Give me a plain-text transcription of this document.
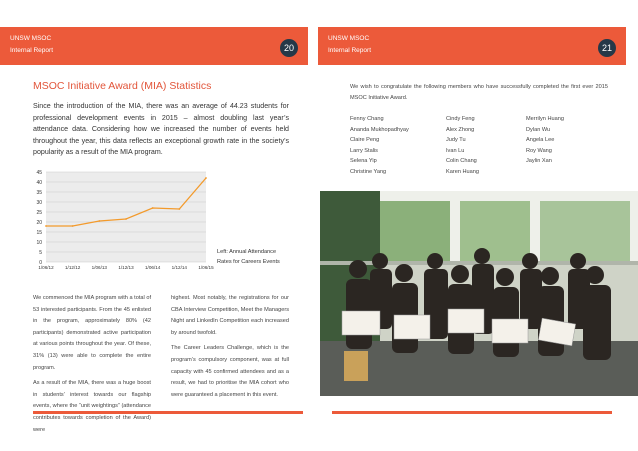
UNSW MSOC
Internal Report	20
MSOC Initiative Award (MIA) Statistics
Since the introduction of the MIA, there was an average of 44.23 students for professional development events in 2015 – almost doubling last year’s attendance data. Considering how we increased the number of events held throughout the year, this data reflects an exceptional growth rate in the society’s popularity as a result of the MIA program.
0
5
10
15
20
25
30
35
40
45
1/06/12 1/12/12 1/06/13 1/12/13 1/06/14 1/12/14 1/06/15
Left: Annual Attendance Rates for Careers Events

We commenced the MIA program with a total of 53 interested participants. From the 45 enlisted in the program, approximately 80% (42 participants) demonstrated active participation at various points throughout the year. Of these, 31% (13) were able to complete the entire program.

As a result of the MIA, there was a huge boost in students’ interest towards our flagship events, where the “unit weightings” (attendance contributes towards completion of the Award) were

highest. Most notably, the registrations for our CBA Interview Competition, Meet the Managers Night and LinkedIn Competition each increased by around twofold.

The Career Leaders Challenge, which is the program’s compulsory component, was at full capacity with 45 confirmed attendees and as a result, we had to prioritise the MIA cohort who were guaranteed a placement in this event.

UNSW MSOC
Internal Report	21
We wish to congratulate the following members who have successfully completed the first ever 2015 MSOC Initiative Award.
Fenny Chang
Ananda Mukhopadhyay
Claire Peng
Larry Stalis
Selena Yip
Christine Yang
Cindy Feng
Alex Zhong
Judy Tu
Ivan Lu
Colin Chang
Karen Huang
Merrilyn Huang
Dylan Wu
Angela Lee
Roy Wang
Jaylin Xan
